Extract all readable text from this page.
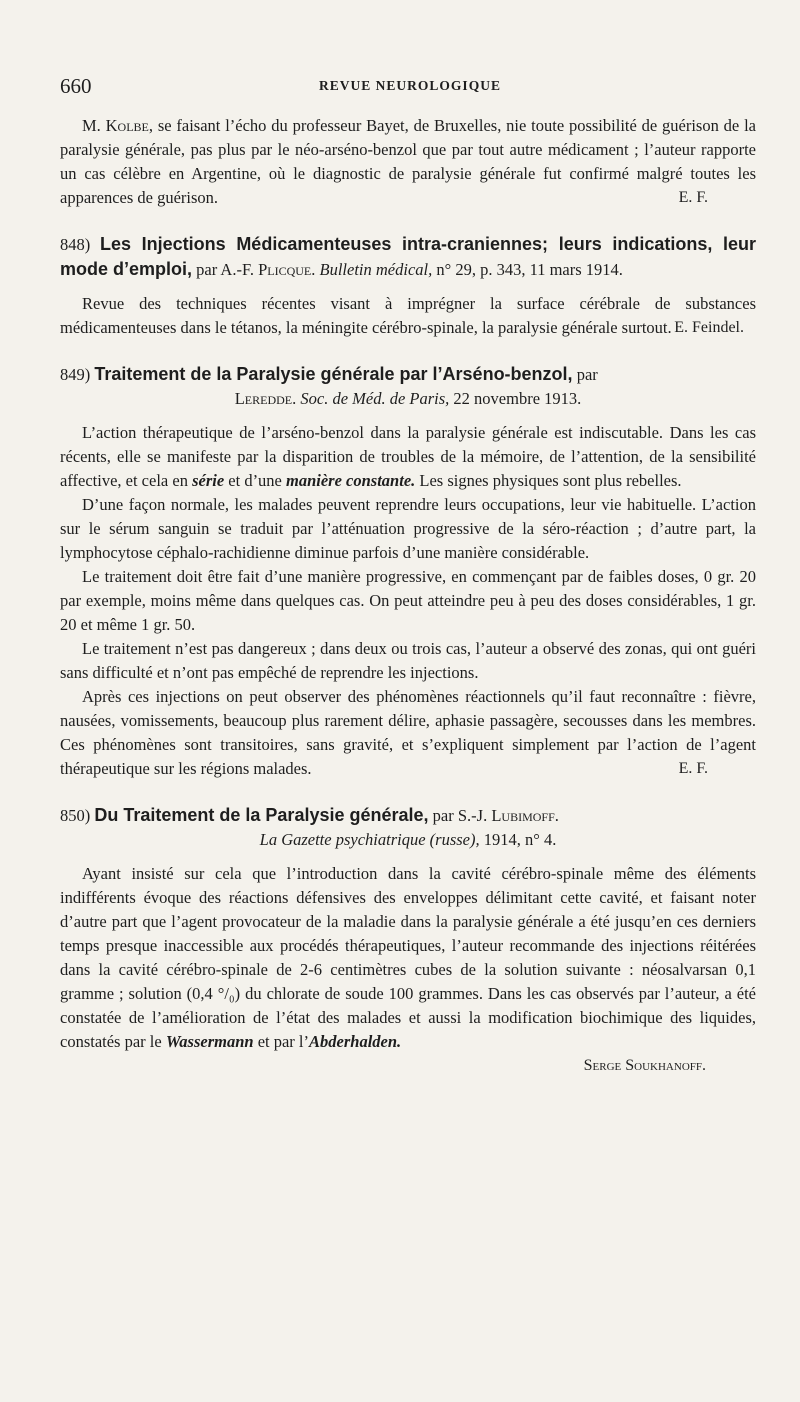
660	REVUE NEUROLOGIQUE

M. Kolbe, se faisant l’écho du professeur Bayet, de Bruxelles, nie toute possibilité de guérison de la paralysie générale, pas plus par le néo-arséno-benzol que par tout autre médicament ; l’auteur rapporte un cas célèbre en Argentine, où le diagnostic de paralysie générale fut confirmé malgré toutes les apparences de guérison.	E. F.

848) Les Injections Médicamenteuses intra-craniennes; leurs indications, leur mode d’emploi, par A.-F. Plicque. Bulletin médical, n° 29, p. 343, 11 mars 1914.

Revue des techniques récentes visant à imprégner la surface cérébrale de substances médicamenteuses dans le tétanos, la méningite cérébro-spinale, la paralysie générale surtout. E. Feindel.

849) Traitement de la Paralysie générale par l’Arséno-benzol, par

Leredde. Soc. de Méd. de Paris, 22 novembre 1913.

L’action thérapeutique de l’arséno-benzol dans la paralysie générale est indiscutable. Dans les cas récents, elle se manifeste par la disparition de troubles de la mémoire, de l’attention, de la sensibilité affective, et cela en série et d’une manière constante. Les signes physiques sont plus rebelles.

D’une façon normale, les malades peuvent reprendre leurs occupations, leur vie habituelle. L’action sur le sérum sanguin se traduit par l’atténuation progressive de la séro-réaction ; d’autre part, la lymphocytose céphalo-rachidienne diminue parfois d’une manière considérable.

Le traitement doit être fait d’une manière progressive, en commençant par de faibles doses, 0 gr. 20 par exemple, moins même dans quelques cas. On peut atteindre peu à peu des doses considérables, 1 gr. 20 et même 1 gr. 50.

Le traitement n’est pas dangereux ; dans deux ou trois cas, l’auteur a observé des zonas, qui ont guéri sans difficulté et n’ont pas empêché de reprendre les injections.

Après ces injections on peut observer des phénomènes réactionnels qu’il faut reconnaître : fièvre, nausées, vomissements, beaucoup plus rarement délire, aphasie passagère, secousses dans les membres. Ces phénomènes sont transitoires, sans gravité, et s’expliquent simplement par l’action de l’agent thérapeutique sur les régions malades.	E. F.

850) Du Traitement de la Paralysie générale, par S.-J. Lubimoff.

La Gazette psychiatrique (russe), 1914, n° 4.

Ayant insisté sur cela que l’introduction dans la cavité cérébro-spinale même des éléments indifférents évoque des réactions défensives des enveloppes délimitant cette cavité, et faisant noter d’autre part que l’agent provocateur de la maladie dans la paralysie générale a été jusqu’en ces derniers temps presque inaccessible aux procédés thérapeutiques, l’auteur recommande des injections réitérées dans la cavité cérébro-spinale de 2-6 centimètres cubes de la solution suivante : néosalvarsan 0,1 gramme ; solution (0,4 °/₀) du chlorate de soude 100 grammes. Dans les cas observés par l’auteur, a été constatée de l’amélioration de l’état des malades et aussi la modification biochimique des liquides, constatés par le Wassermann et par l’Abderhalden.

Serge Soukhanoff.
